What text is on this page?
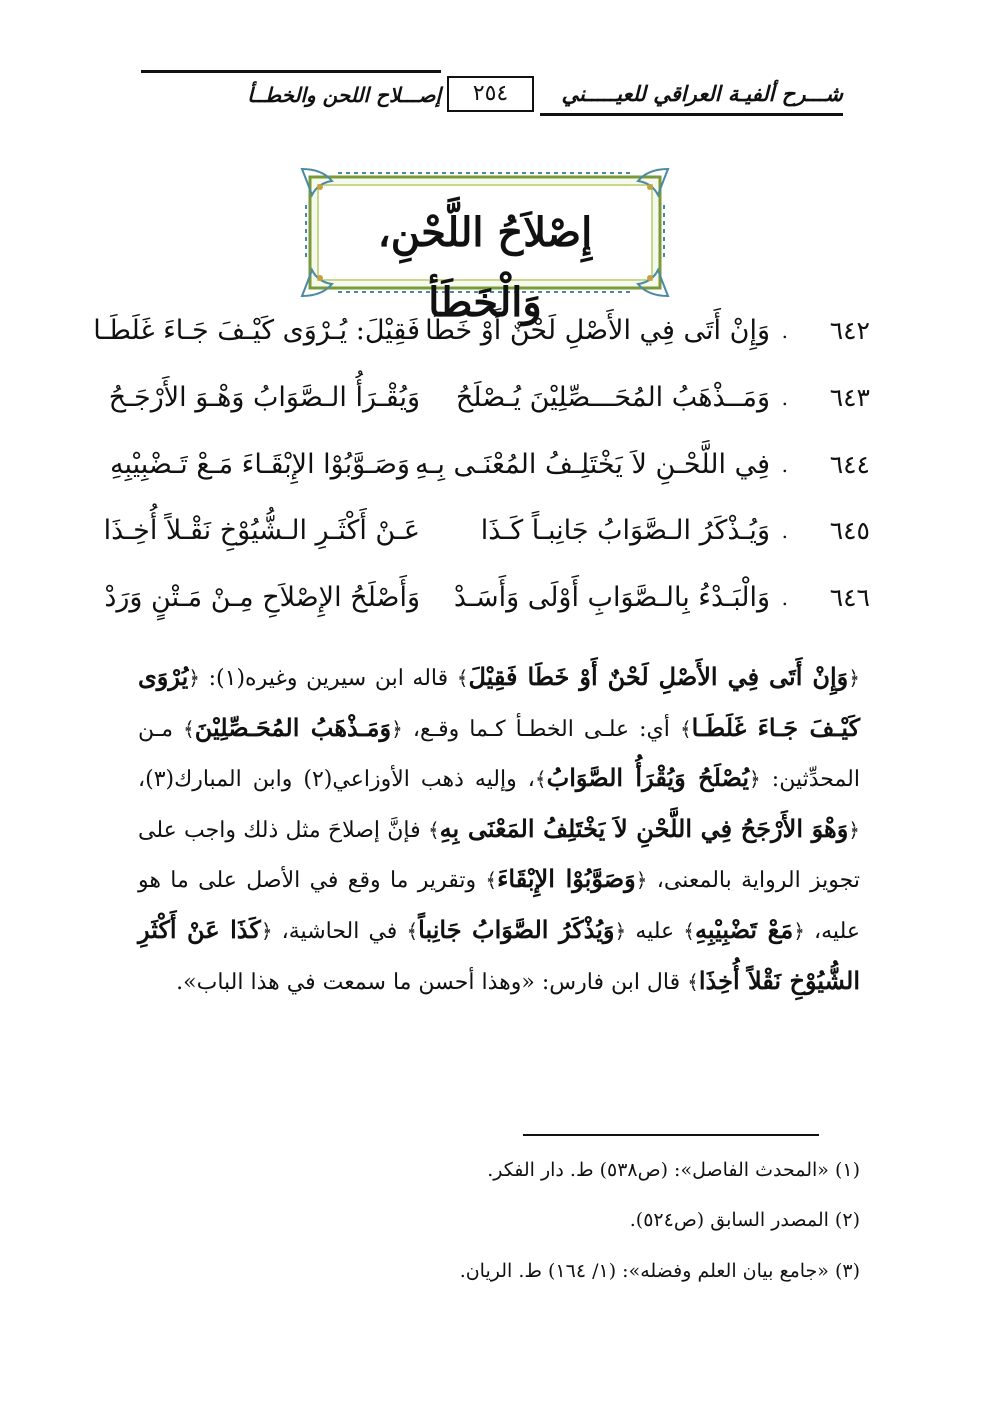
شـــرح ألفيـة العراقي للعيـــــني
٢٥٤
إصـــلاح اللحن والخطــأ
إِصْلاَحُ اللَّحْنِ، وَالْخَطَأ
٦٤٢
.
وَإِنْ أَتَى فِي الأَصْلِ لَحْنٌ أَوْ خَطَا
فَقِيْلَ: يُـرْوَى كَيْـفَ جَـاءَ غَلَطَـا
٦٤٣
.
وَمَــذْهَبُ المُحَـــصِّلِيْنَ يُـصْلَحُ
وَيُقْـرَأُ الـصَّوَابُ وَهْـوَ الأَرْجَـحُ
٦٤٤
.
فِي اللَّحْـنِ لاَ يَخْتَلِـفُ المُعْنَـى بِـهِ
وَصَـوَّبُوْا الإِبْقَـاءَ مَـعْ تَـضْبِيْبِهِ
٦٤٥
.
وَيُـذْكَرُ الـصَّوَابُ جَانِبـاً كَـذَا
عَـنْ أَكْثَـرِ الـشُّيُوْخِ نَقْـلاً أُخِـذَا
٦٤٦
.
وَالْبَـدْءُ بِالـصَّوَابِ أَوْلَى وَأَسَـدْ
وَأَصْلَحُ الإِصْلاَحِ مِـنْ مَـتْنٍ وَرَدْ
﴿ وَإِنْ أَتَى فِي الأَصْلِ لَحْنٌ أَوْ خَطَا فَقِيْلَ ﴾ قاله ابن سيرين وغيره(١): ﴿ يُرْوَى كَيْـفَ جَـاءَ غَلَطَـا ﴾ أي: علـى الخطـأ كـما وقـع، ﴿ وَمَـذْهَبُ المُحَـصِّلِيْنَ ﴾ مـن المحدِّثين: ﴿ يُصْلَحُ وَيُقْرَأُ الصَّوَابُ ﴾، وإليه ذهب الأوزاعي(٢) وابن المبارك(٣)، ﴿ وَهْوَ الأَرْجَحُ فِي اللَّحْنِ لاَ يَخْتَلِفُ المَعْنَى بِهِ ﴾ فإنَّ إصلاحَ مثل ذلك واجب على تجويز الرواية بالمعنى، ﴿ وَصَوَّبُوْا الإِبْقَاءَ ﴾ وتقرير ما وقع في الأصل على ما هو عليه، ﴿ مَعْ تَضْبِيْبِهِ ﴾ عليه ﴿ وَيُذْكَرُ الصَّوَابُ جَانِباً ﴾ في الحاشية، ﴿ كَذَا عَنْ أَكْثَرِ الشُّيُوْخِ نَقْلاً أُخِذَا ﴾ قال ابن فارس: «وهذا أحسن ما سمعت في هذا الباب».
(١) «المحدث الفاصل»: (ص٥٣٨) ط. دار الفكر.
(٢) المصدر السابق (ص٥٢٤).
(٣) «جامع بيان العلم وفضله»: (١/ ١٦٤) ط. الريان.
